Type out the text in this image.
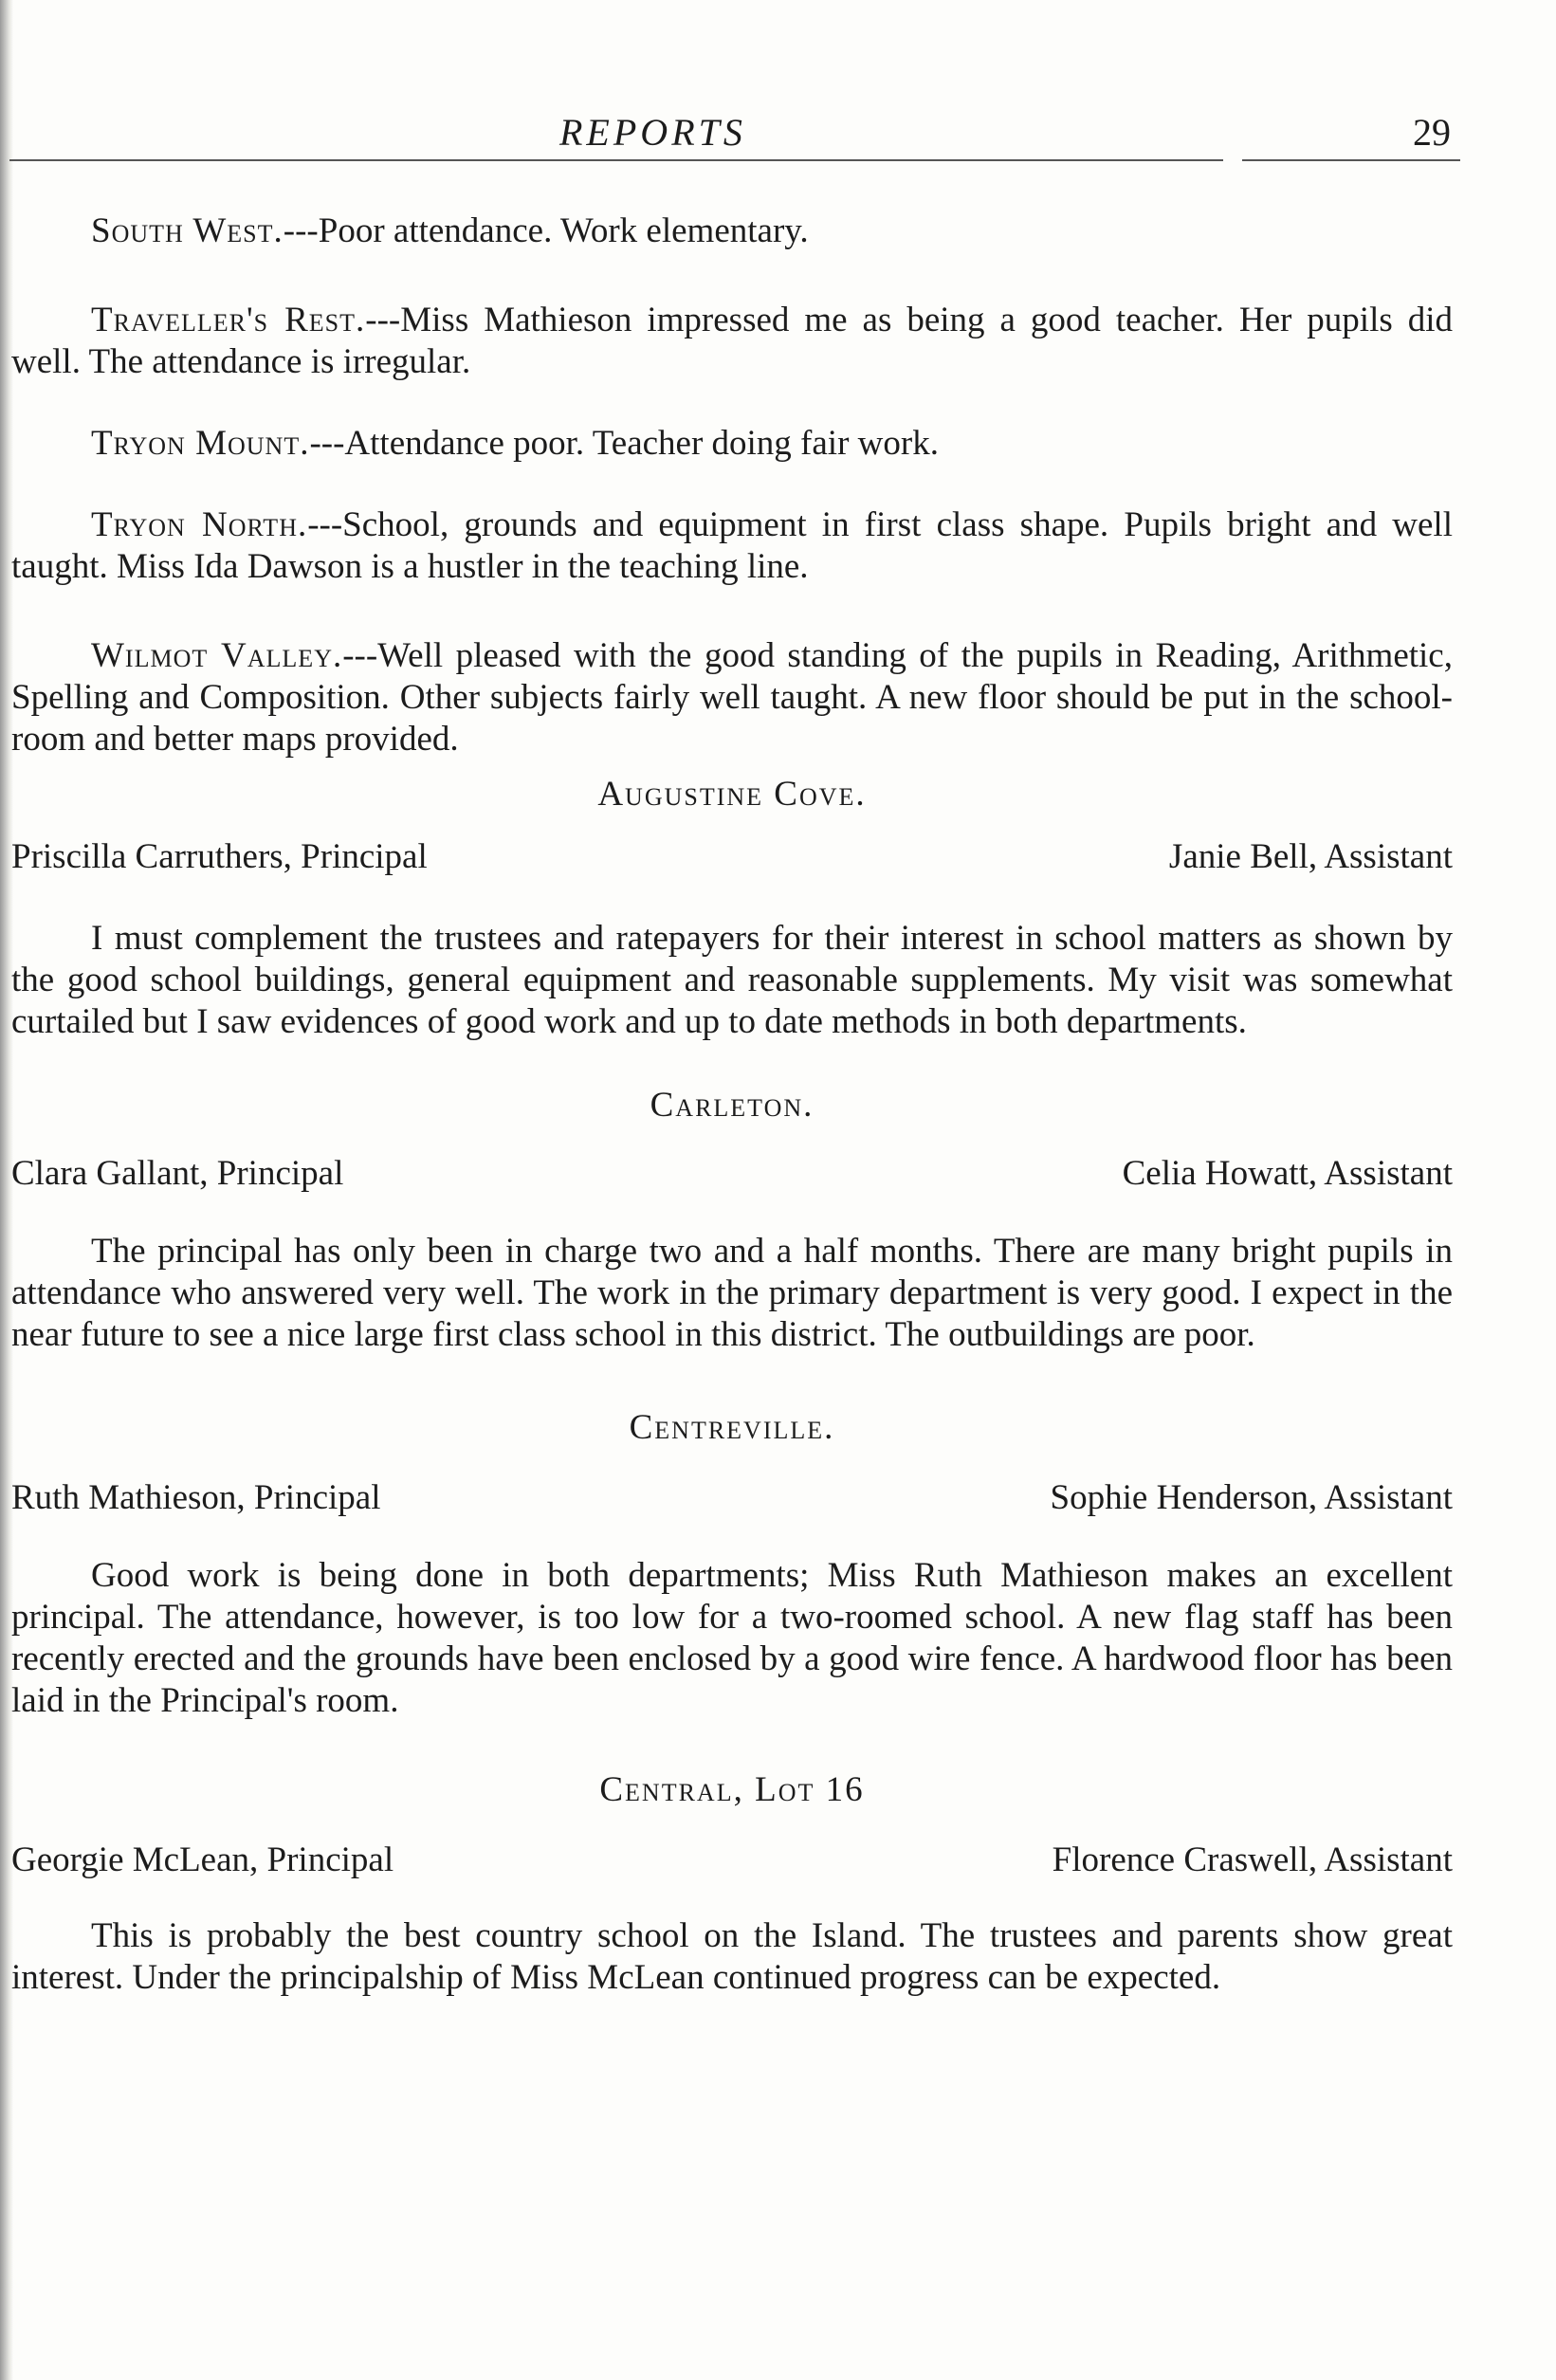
REPORTS	29

South West.---Poor attendance. Work elementary.

Traveller's Rest.---Miss Mathieson impressed me as being a good teacher. Her pupils did well. The attendance is irregular.

Tryon Mount.---Attendance poor. Teacher doing fair work.

Tryon North.---School, grounds and equipment in first class shape. Pupils bright and well taught. Miss Ida Dawson is a hustler in the teaching line.

Wilmot Valley.---Well pleased with the good standing of the pupils in Reading, Arithmetic, Spelling and Composition. Other subjects fairly well taught. A new floor should be put in the school-room and better maps provided.

Augustine Cove.
Priscilla Carruthers, Principal	Janie Bell, Assistant

I must complement the trustees and ratepayers for their interest in school matters as shown by the good school buildings, general equipment and reasonable supplements. My visit was somewhat curtailed but I saw evidences of good work and up to date methods in both departments.

Carleton.
Clara Gallant, Principal	Celia Howatt, Assistant

The principal has only been in charge two and a half months. There are many bright pupils in attendance who answered very well. The work in the primary department is very good. I expect in the near future to see a nice large first class school in this district. The outbuildings are poor.

Centreville.
Ruth Mathieson, Principal	Sophie Henderson, Assistant

Good work is being done in both departments; Miss Ruth Mathieson makes an excellent principal. The attendance, however, is too low for a two-roomed school. A new flag staff has been recently erected and the grounds have been enclosed by a good wire fence. A hardwood floor has been laid in the Principal's room.

Central, Lot 16
Georgie McLean, Principal	Florence Craswell, Assistant

This is probably the best country school on the Island. The trustees and parents show great interest. Under the principalship of Miss McLean continued progress can be expected.
